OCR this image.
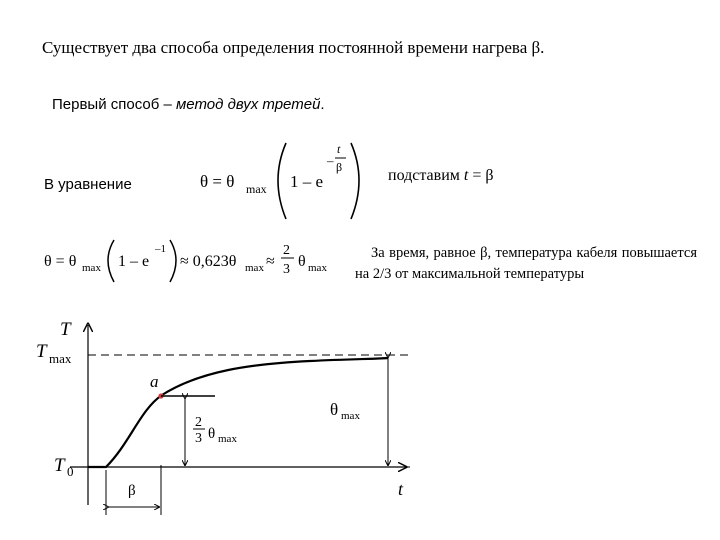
Существует два способа определения постоянной времени нагрева β.
Первый способ – метод двух третей.
В уравнение
подставим t = β
θ = θ max 1 – e
–
t
β
θ = θ max 1 – e
–1
≈ 0,623θ max ≈
2
3 θ max
За время, равное β, температура кабеля повышается на 2/3 от максимальной температуры
a
2
3 θ max
θ max
β
T
T max
T 0
t
